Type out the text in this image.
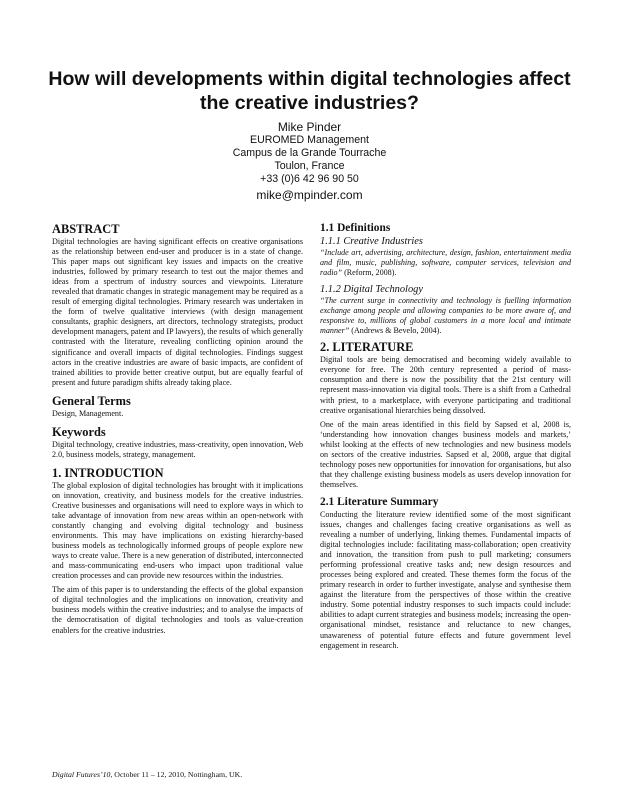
How will developments within digital technologies affect the creative industries?
Mike Pinder
EUROMED Management
Campus de la Grande Tourrache
Toulon, France
+33 (0)6 42 96 90 50
mike@mpinder.com
ABSTRACT

Digital technologies are having significant effects on creative organisations as the relationship between end-user and producer is in a state of change. This paper maps out significant key issues and impacts on the creative industries, followed by primary research to test out the major themes and ideas from a spectrum of industry sources and viewpoints. Literature revealed that dramatic changes in strategic management may be required as a result of emerging digital technologies. Primary research was undertaken in the form of twelve qualitative interviews (with design management consultants, graphic designers, art directors, technology strategists, product development managers, patent and IP lawyers), the results of which generally contrasted with the literature, revealing conflicting opinion around the significance and overall impacts of digital technologies. Findings suggest actors in the creative industries are aware of basic impacts, are confident of trained abilities to provide better creative output, but are equally fearful of present and future paradigm shifts already taking place.

General Terms

Design, Management.

Keywords

Digital technology, creative industries, mass-creativity, open innovation, Web 2.0, business models, strategy, management.

1. INTRODUCTION

The global explosion of digital technologies has brought with it implications on innovation, creativity, and business models for the creative industries. Creative businesses and organisations will need to explore ways in which to take advantage of innovation from new areas within an open-network with constantly changing and evolving digital technology and business environments. This may have implications on existing hierarchy-based business models as technologically informed groups of people explore new ways to create value. There is a new generation of distributed, interconnected and mass-communicating end-users who impact upon traditional value creation processes and can provide new resources within the industries.

The aim of this paper is to understanding the effects of the global expansion of digital technologies and the implications on innovation, creativity and business models within the creative industries; and to analyse the impacts of the democratisation of digital technologies and tools as value-creation enablers for the creative industries.

1.1 Definitions
1.1.1 Creative Industries

“Include art, advertising, architecture, design, fashion, entertainment media and film, music, publishing, software, computer services, television and radio” (Reform, 2008).

1.1.2 Digital Technology

“The current surge in connectivity and technology is fuelling information exchange among people and allowing companies to be more aware of, and responsive to, millions of global customers in a more local and intimate manner” (Andrews & Bevelo, 2004).

2. LITERATURE

Digital tools are being democratised and becoming widely available to everyone for free. The 20th century represented a period of mass-consumption and there is now the possibility that the 21st century will represent mass-innovation via digital tools. There is a shift from a Cathedral with priest, to a marketplace, with everyone participating and traditional creative organisational hierarchies being dissolved.

One of the main areas identified in this field by Sapsed et al, 2008 is, ‘understanding how innovation changes business models and markets,’ whilst looking at the effects of new technologies and new business models on sectors of the creative industries. Sapsed et al, 2008, argue that digital technology poses new opportunities for innovation for organisations, but also that they challenge existing business models as users develop innovation for themselves.

2.1 Literature Summary

Conducting the literature review identified some of the most significant issues, changes and challenges facing creative organisations as well as revealing a number of underlying, linking themes. Fundamental impacts of digital technologies include: facilitating mass-collaboration; open creativity and innovation, the transition from push to pull marketing; consumers performing professional creative tasks and; new design resources and processes being explored and created. These themes form the focus of the primary research in order to further investigate, analyse and synthesise them against the literature from the perspectives of those within the creative industry. Some potential industry responses to such impacts could include: abilities to adapt current strategies and business models; increasing the open-organisational mindset, resistance and reluctance to new changes, unawareness of potential future effects and future government level engagement in research.

Digital Futures’10, October 11 – 12, 2010, Nottingham, UK.
